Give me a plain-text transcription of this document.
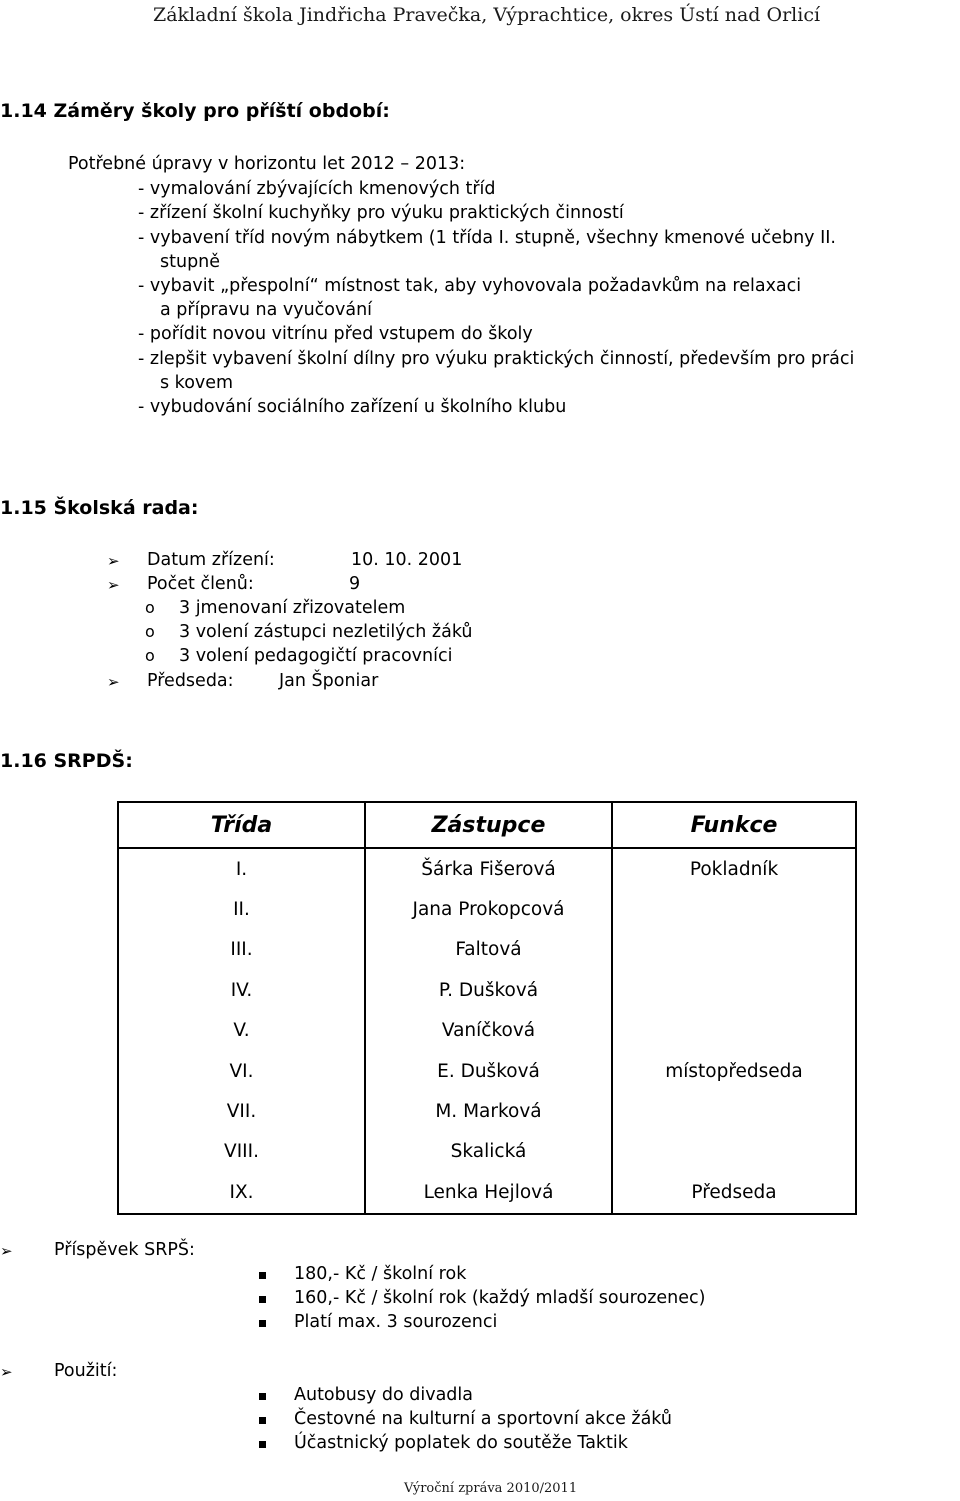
Základní škola Jindřicha Pravečka, Výprachtice, okres Ústí nad Orlicí
1.14 Záměry školy pro příští období:
Potřebné úpravy v horizontu let 2012 – 2013:
- vymalování zbývajících kmenových tříd
- zřízení školní kuchyňky pro výuku praktických činností
- vybavení tříd novým nábytkem (1 třída I. stupně, všechny kmenové učebny II.
stupně
- vybavit „přespolní“ místnost tak, aby vyhovovala požadavkům na relaxaci
a přípravu na vyučování
- pořídit novou vitrínu před vstupem do školy
- zlepšit vybavení školní dílny pro výuku praktických činností, především pro práci
s kovem
- vybudování sociálního zařízení u školního klubu
1.15 Školská rada:
➢ Datum zřízení:	10. 10. 2001
➢ Počet členů:	9
o 3 jmenovaní zřizovatelem
o 3 volení zástupci nezletilých žáků
o 3 volení pedagogičtí pracovníci
➢ Předseda:	Jan Šponiar
1.16 SRPDŠ:
Třída	Zástupce	Funkce
I.	Šárka Fišerová	Pokladník
II.	Jana Prokopcová	
III.	Faltová	
IV.	P. Dušková	
V.	Vaníčková	
VI.	E. Dušková	místopředseda
VII.	M. Marková	
VIII.	Skalická	
IX.	Lenka Hejlová	Předseda
➢ Příspěvek SRPŠ:
180,- Kč / školní rok
160,- Kč / školní rok (každý mladší sourozenec)
Platí max. 3 sourozenci
➢ Použití:
Autobusy do divadla
Čestovné na kulturní a sportovní akce žáků
Účastnický poplatek do soutěže Taktik
Výroční zpráva 2010/2011
